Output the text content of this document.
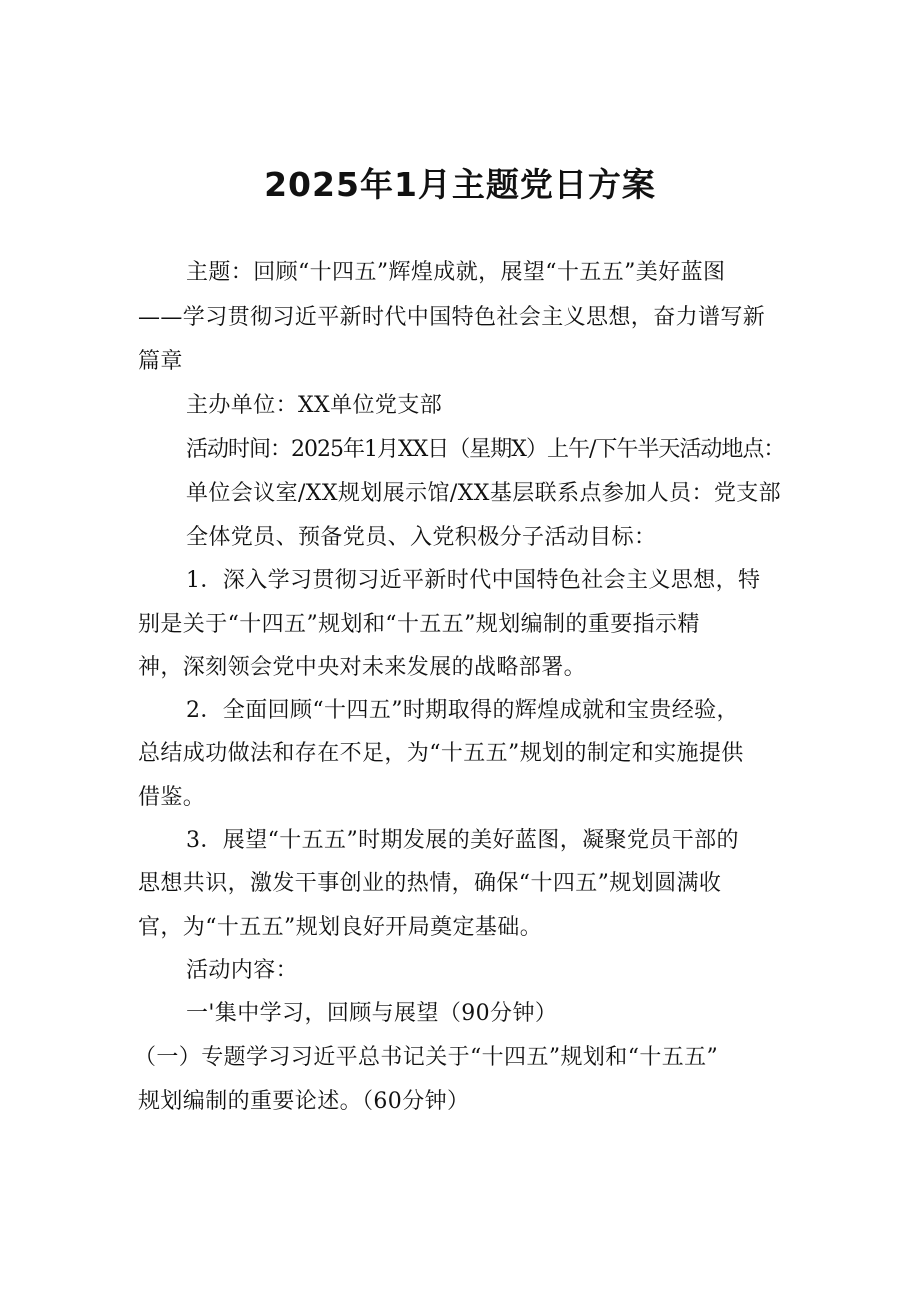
2025年1月主题党日方案
主题：回顾“十四五”辉煌成就，展望“十五五”美好蓝图
——学习贯彻习近平新时代中国特色社会主义思想，奋力谱写新
篇章
主办单位：XX单位党支部
活动时间：2025年1月XX日（星期X）上午/下午半天活动地点：
单位会议室/XX规划展示馆/XX基层联系点参加人员：党支部
全体党员、预备党员、入党积极分子活动目标：
1．深入学习贯彻习近平新时代中国特色社会主义思想，特
别是关于“十四五”规划和“十五五”规划编制的重要指示精
神，深刻领会党中央对未来发展的战略部署。
2．全面回顾“十四五”时期取得的辉煌成就和宝贵经验，
总结成功做法和存在不足，为“十五五”规划的制定和实施提供
借鉴。
3．展望“十五五”时期发展的美好蓝图，凝聚党员干部的
思想共识，激发干事创业的热情，确保“十四五”规划圆满收
官，为“十五五”规划良好开局奠定基础。
活动内容：
一'集中学习，回顾与展望（90分钟）
（一）专题学习习近平总书记关于“十四五”规划和“十五五”
规划编制的重要论述。（60分钟）
